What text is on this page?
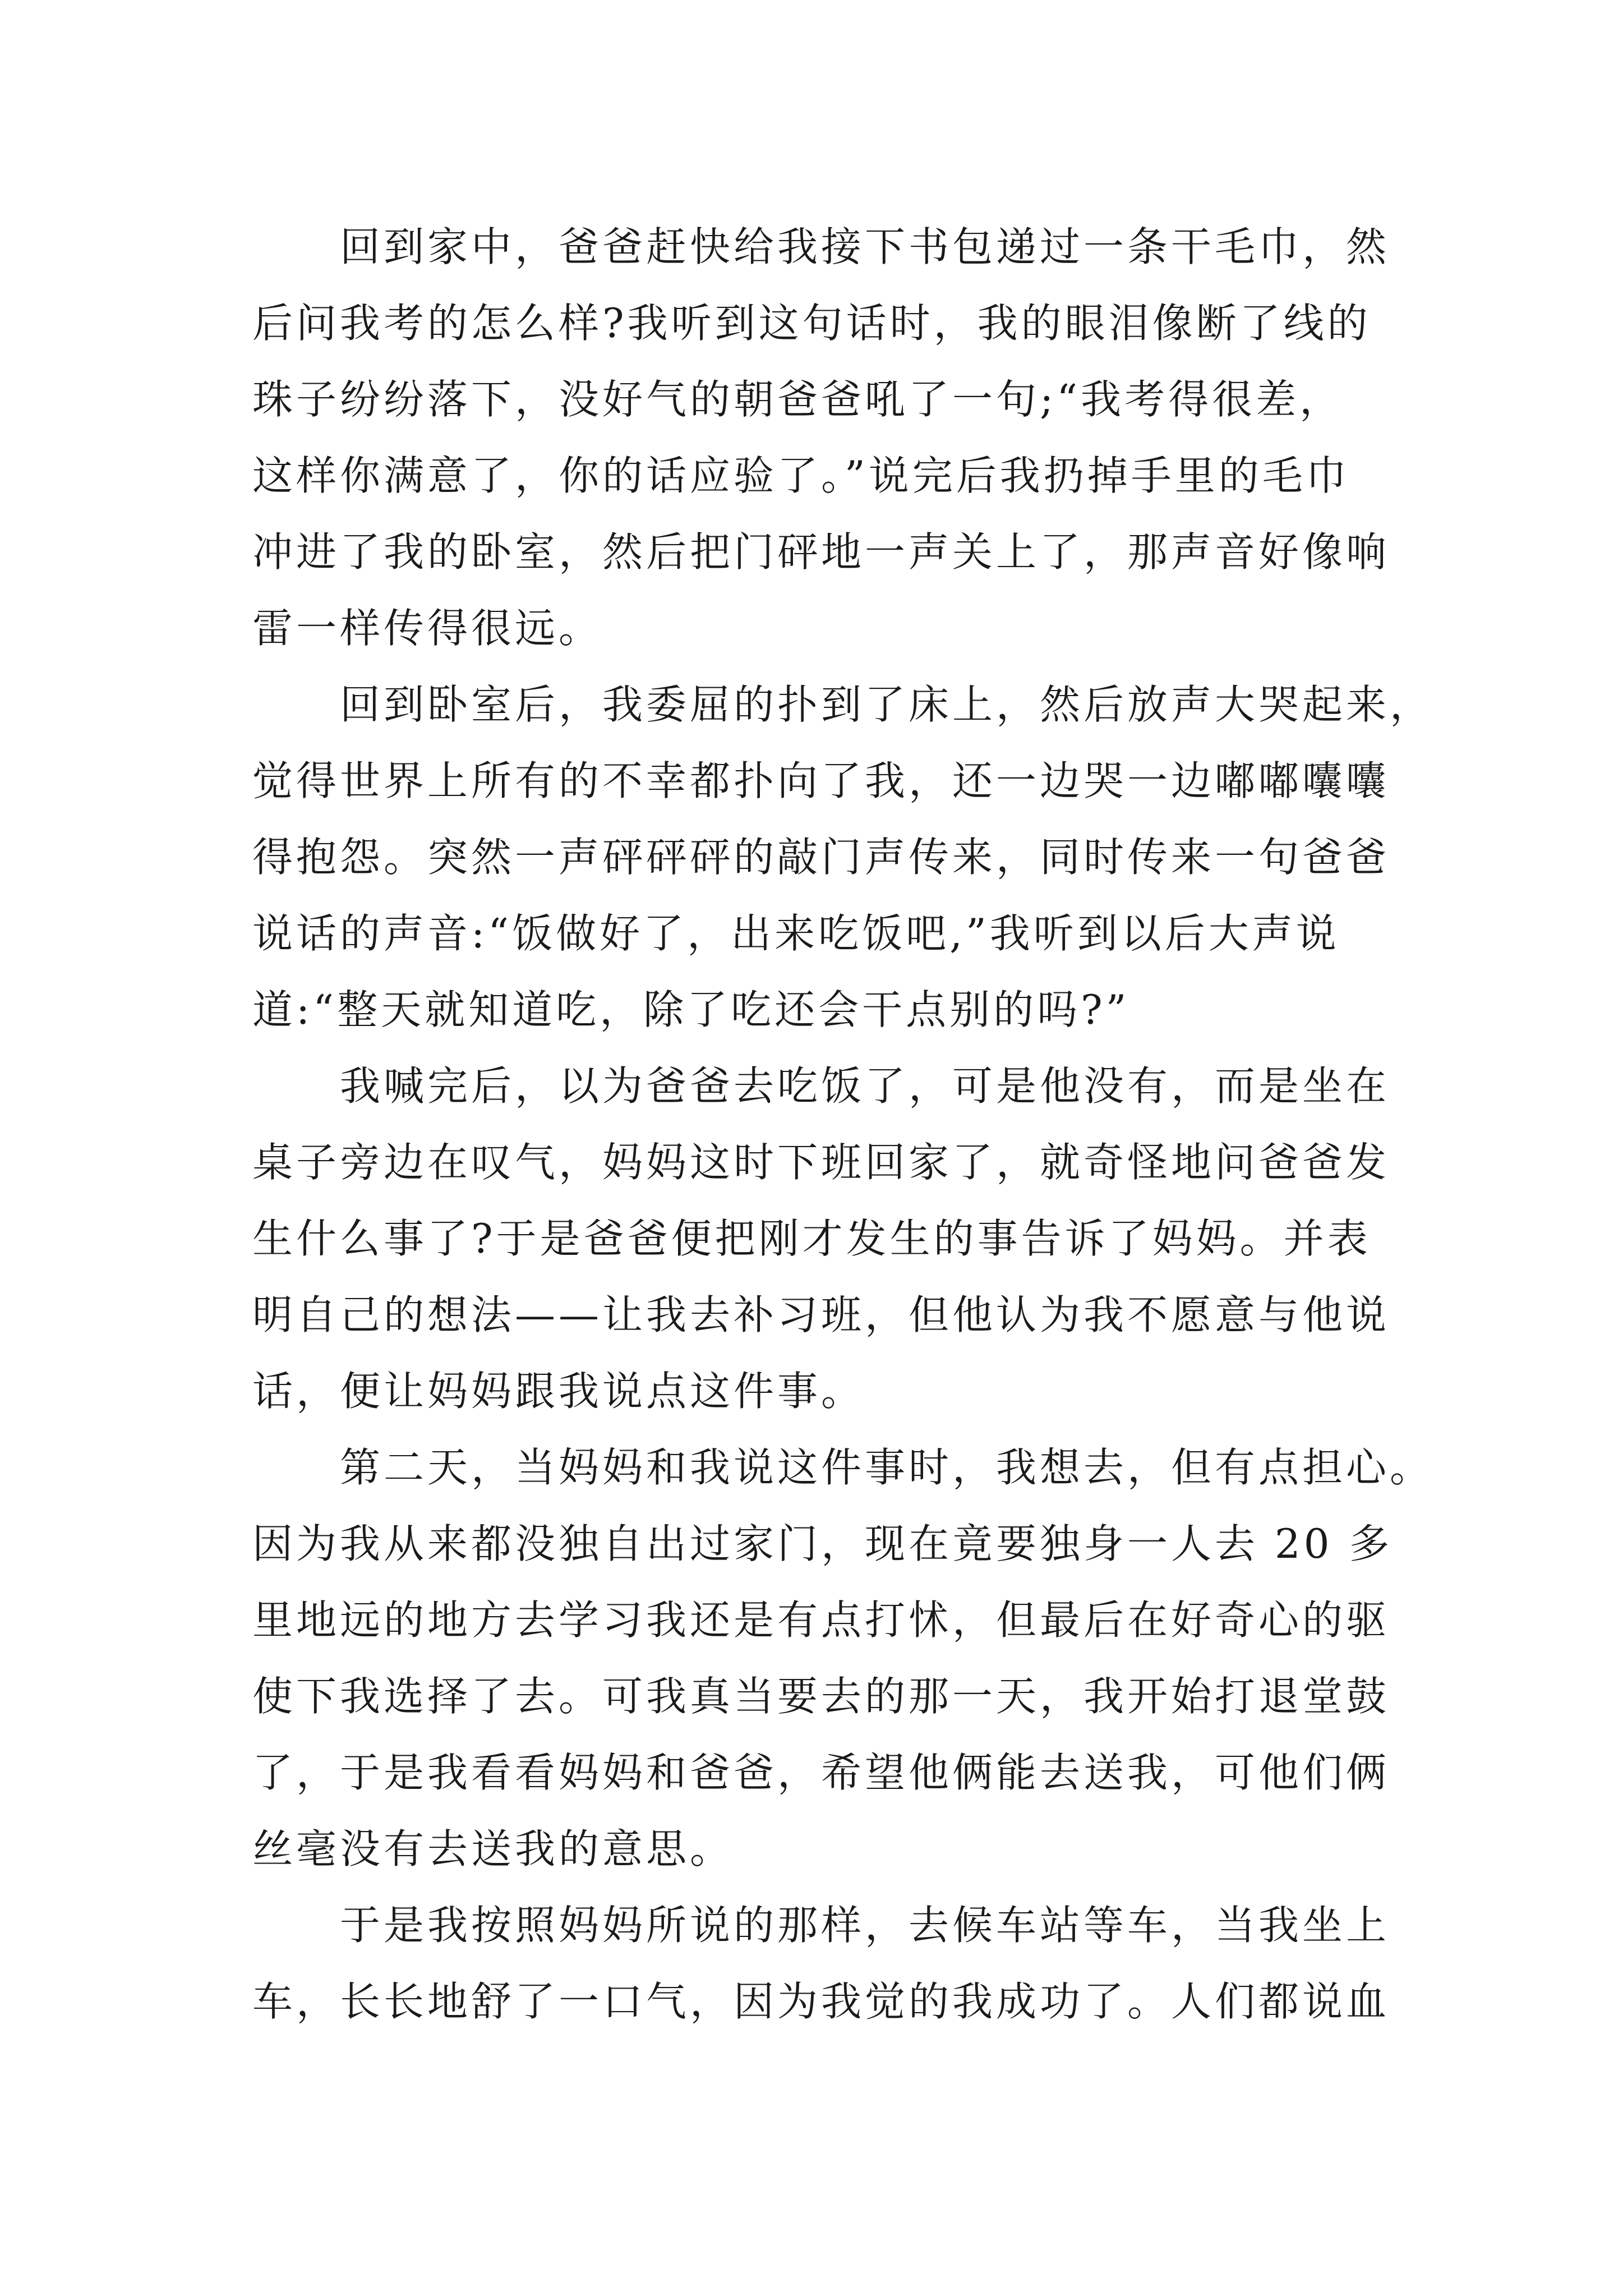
回到家中，爸爸赶快给我接下书包递过一条干毛巾，然
后问我考的怎么样?我听到这句话时，我的眼泪像断了线的
珠子纷纷落下，没好气的朝爸爸吼了一句;“我考得很差，
这样你满意了，你的话应验了。”说完后我扔掉手里的毛巾
冲进了我的卧室，然后把门砰地一声关上了，那声音好像响
雷一样传得很远。
回到卧室后，我委屈的扑到了床上，然后放声大哭起来，
觉得世界上所有的不幸都扑向了我，还一边哭一边嘟嘟囔囔
得抱怨。突然一声砰砰砰的敲门声传来，同时传来一句爸爸
说话的声音:“饭做好了，出来吃饭吧,”我听到以后大声说
道:“整天就知道吃，除了吃还会干点别的吗?”
我喊完后，以为爸爸去吃饭了，可是他没有，而是坐在
桌子旁边在叹气，妈妈这时下班回家了，就奇怪地问爸爸发
生什么事了?于是爸爸便把刚才发生的事告诉了妈妈。并表
明自己的想法——让我去补习班，但他认为我不愿意与他说
话，便让妈妈跟我说点这件事。
第二天，当妈妈和我说这件事时，我想去，但有点担心。
因为我从来都没独自出过家门，现在竟要独身一人去 20 多
里地远的地方去学习我还是有点打怵，但最后在好奇心的驱
使下我选择了去。可我真当要去的那一天，我开始打退堂鼓
了，于是我看看妈妈和爸爸，希望他俩能去送我，可他们俩
丝毫没有去送我的意思。
于是我按照妈妈所说的那样，去候车站等车，当我坐上
车，长长地舒了一口气，因为我觉的我成功了。人们都说血
